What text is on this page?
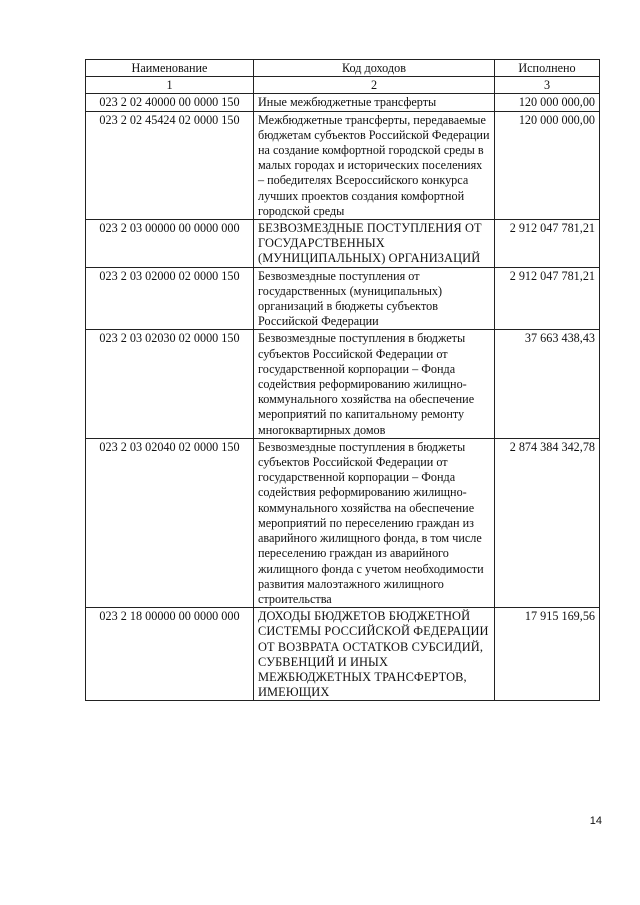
Наименование	Код доходов	Исполнено
1	2	3
023 2 02 40000 00 0000 150	Иные межбюджетные трансферты	120 000 000,00
023 2 02 45424 02 0000 150	Межбюджетные трансферты, передаваемые бюджетам субъектов Российской Федерации на создание комфортной городской среды в малых городах и исторических поселениях – победителях Всероссийского конкурса лучших проектов создания комфортной городской среды	120 000 000,00
023 2 03 00000 00 0000 000	БЕЗВОЗМЕЗДНЫЕ ПОСТУПЛЕНИЯ ОТ ГОСУДАРСТВЕННЫХ (МУНИЦИПАЛЬНЫХ) ОРГАНИЗАЦИЙ	2 912 047 781,21
023 2 03 02000 02 0000 150	Безвозмездные поступления от государственных (муниципальных) организаций в бюджеты субъектов Российской Федерации	2 912 047 781,21
023 2 03 02030 02 0000 150	Безвозмездные поступления в бюджеты субъектов Российской Федерации от государственной корпорации – Фонда содействия реформированию жилищно-коммунального хозяйства на обеспечение мероприятий по капитальному ремонту многоквартирных домов	37 663 438,43
023 2 03 02040 02 0000 150	Безвозмездные поступления в бюджеты субъектов Российской Федерации от государственной корпорации – Фонда содействия реформированию жилищно-коммунального хозяйства на обеспечение мероприятий по переселению граждан из аварийного жилищного фонда, в том числе переселению граждан из аварийного жилищного фонда с учетом необходимости развития малоэтажного жилищного строительства	2 874 384 342,78
023 2 18 00000 00 0000 000	ДОХОДЫ БЮДЖЕТОВ БЮДЖЕТНОЙ СИСТЕМЫ РОССИЙСКОЙ ФЕДЕРАЦИИ ОТ ВОЗВРАТА ОСТАТКОВ СУБСИДИЙ, СУБВЕНЦИЙ И ИНЫХ МЕЖБЮДЖЕТНЫХ ТРАНСФЕРТОВ, ИМЕЮЩИХ	17 915 169,56
14
